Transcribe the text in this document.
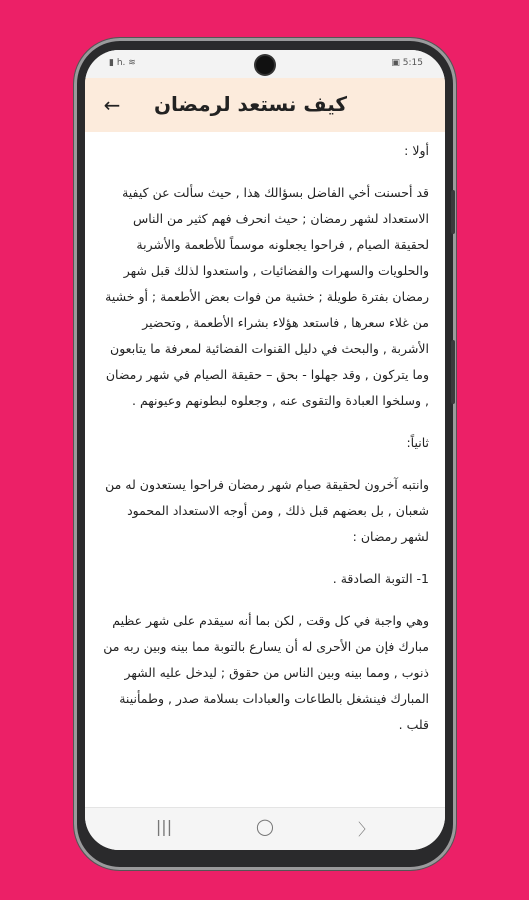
▮ h. ≋	▣ 5:15
← كيف نستعد لرمضان

أولا :

قد أحسنت أخي الفاضل بسؤالك هذا , حيث سألت عن كيفية الاستعداد لشهر رمضان ; حيث انحرف فهم كثير من الناس لحقيقة الصيام , فراحوا يجعلونه موسماً للأطعمة والأشربة والحلويات والسهرات والفضائيات , واستعدوا لذلك قبل شهر رمضان بفترة طويلة ; خشية من فوات بعض الأطعمة ; أو خشية من غلاء سعرها , فاستعد هؤلاء بشراء الأطعمة , وتحضير الأشربة , والبحث في دليل القنوات الفضائية لمعرفة ما يتابعون وما يتركون , وقد جهلوا - بحق – حقيقة الصيام في شهر رمضان , وسلخوا العبادة والتقوى عنه , وجعلوه لبطونهم وعيونهم .

ثانياً:

وانتبه آخرون لحقيقة صيام شهر رمضان فراحوا يستعدون له من شعبان , بل بعضهم قبل ذلك , ومن أوجه الاستعداد المحمود لشهر رمضان :

1- التوبة الصادقة .

وهي واجبة في كل وقت , لكن بما أنه سيقدم على شهر عظيم مبارك فإن من الأحرى له أن يسارع بالتوبة مما بينه وبين ربه من ذنوب , ومما بينه وبين الناس من حقوق ; ليدخل عليه الشهر المبارك فينشغل بالطاعات والعبادات بسلامة صدر , وطمأنينة قلب .

|||	◯	〉
